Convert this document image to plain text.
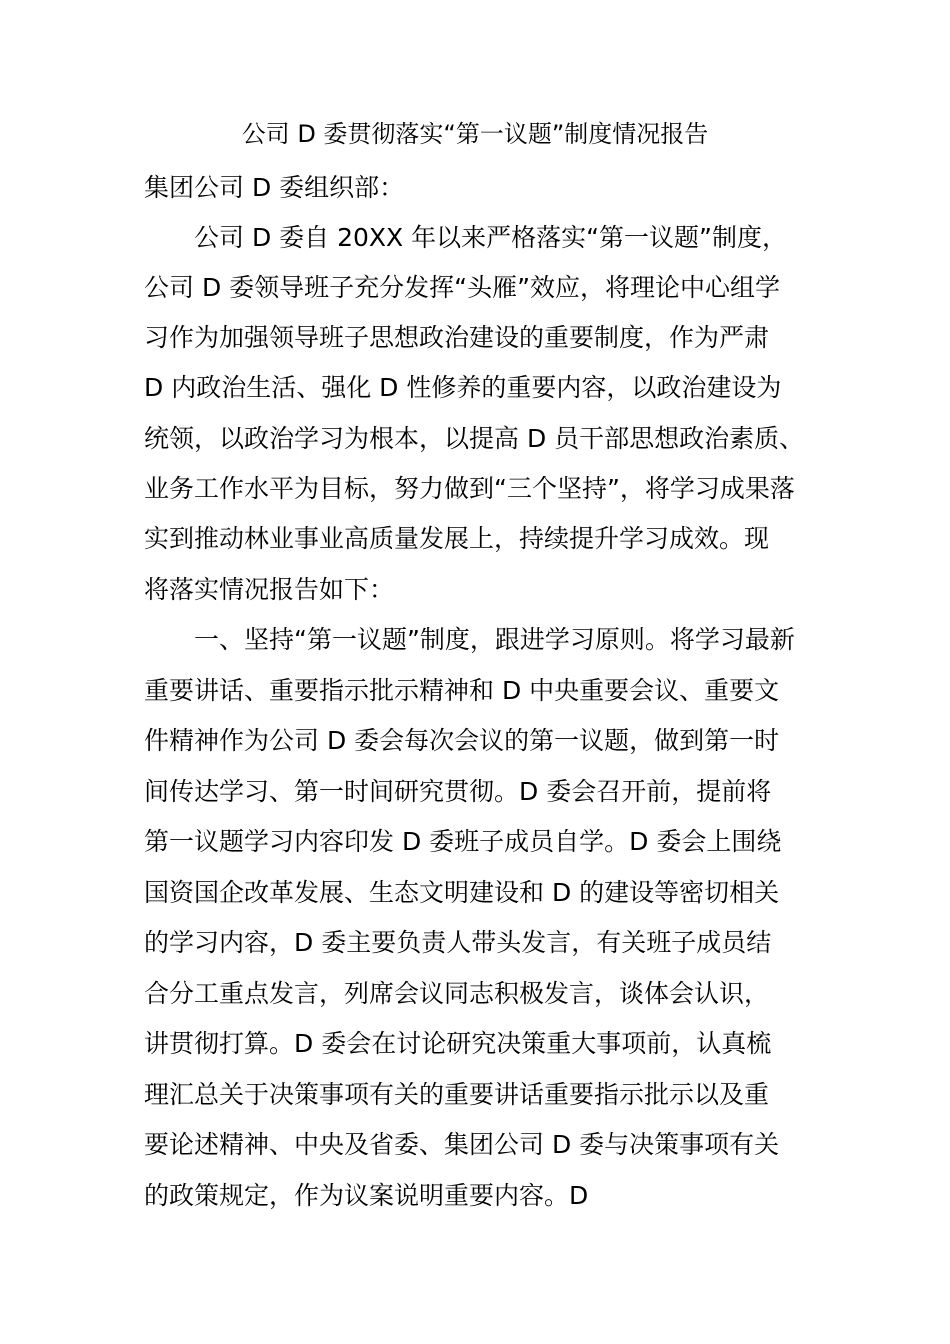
公司 D 委贯彻落实“第一议题”制度情况报告
集团公司 D 委组织部：
公司 D 委自 20XX 年以来严格落实“第一议题”制度，
公司 D 委领导班子充分发挥“头雁”效应，将理论中心组学
习作为加强领导班子思想政治建设的重要制度，作为严肃
D 内政治生活、强化 D 性修养的重要内容，以政治建设为
统领，以政治学习为根本，以提高 D 员干部思想政治素质、
业务工作水平为目标，努力做到“三个坚持”，将学习成果落
实到推动林业事业高质量发展上，持续提升学习成效。现
将落实情况报告如下：
一、坚持“第一议题”制度，跟进学习原则。将学习最新
重要讲话、重要指示批示精神和 D 中央重要会议、重要文
件精神作为公司 D 委会每次会议的第一议题，做到第一时
间传达学习、第一时间研究贯彻。D 委会召开前，提前将
第一议题学习内容印发 D 委班子成员自学。D 委会上围绕
国资国企改革发展、生态文明建设和 D 的建设等密切相关
的学习内容，D 委主要负责人带头发言，有关班子成员结
合分工重点发言，列席会议同志积极发言，谈体会认识，
讲贯彻打算。D 委会在讨论研究决策重大事项前，认真梳
理汇总关于决策事项有关的重要讲话重要指示批示以及重
要论述精神、中央及省委、集团公司 D 委与决策事项有关
的政策规定，作为议案说明重要内容。D
